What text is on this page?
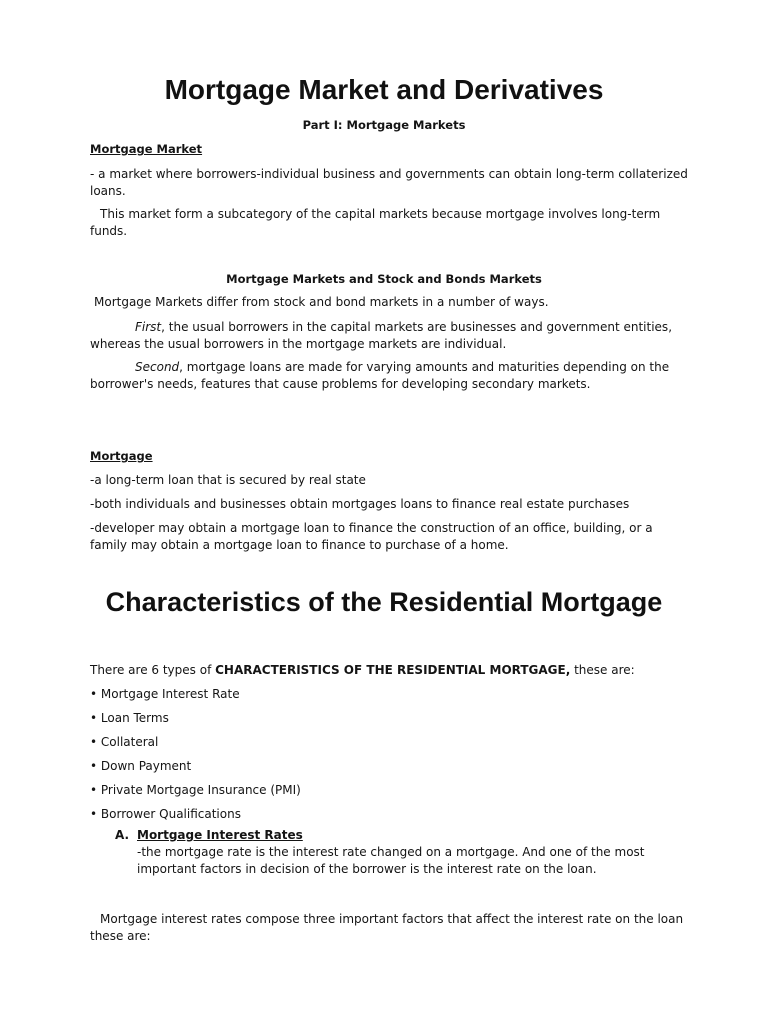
Mortgage Market and Derivatives

Part I: Mortgage Markets

Mortgage Market

- a market where borrowers-individual business and governments can obtain long-term collaterized loans.

This market form a subcategory of the capital markets because mortgage involves long-term funds.

Mortgage Markets and Stock and Bonds Markets

Mortgage Markets differ from stock and bond markets in a number of ways.

First, the usual borrowers in the capital markets are businesses and government entities, whereas the usual borrowers in the mortgage markets are individual.

Second, mortgage loans are made for varying amounts and maturities depending on the borrower's needs, features that cause problems for developing secondary markets.

Mortgage

-a long-term loan that is secured by real state

-both individuals and businesses obtain mortgages loans to finance real estate purchases

-developer may obtain a mortgage loan to finance the construction of an office, building, or a family may obtain a mortgage loan to finance to purchase of a home.

Characteristics of the Residential Mortgage

There are 6 types of CHARACTERISTICS OF THE RESIDENTIAL MORTGAGE, these are:

• Mortgage Interest Rate

• Loan Terms

• Collateral

• Down Payment

• Private Mortgage Insurance (PMI)

• Borrower Qualifications

A. Mortgage Interest Rates

-the mortgage rate is the interest rate changed on a mortgage. And one of the most important factors in decision of the borrower is the interest rate on the loan.

Mortgage interest rates compose three important factors that affect the interest rate on the loan these are:
